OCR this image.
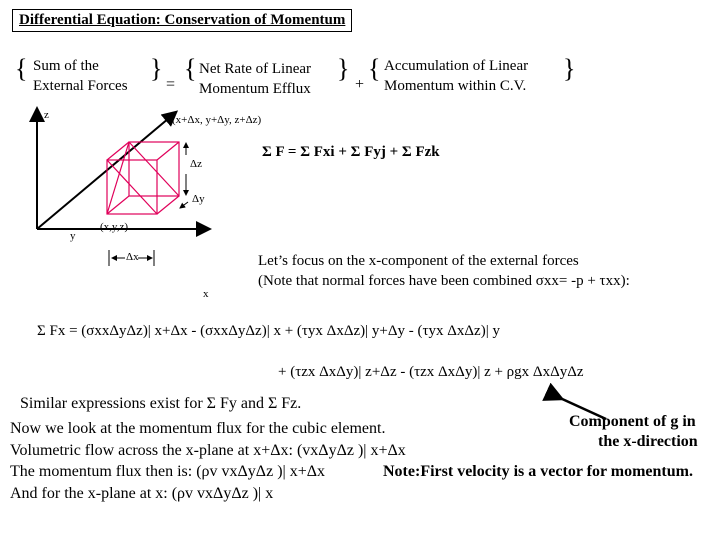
Differential Equation: Conservation of Momentum
{	} {	} {	}
Sum of the
External Forces =
Net Rate of Linear
Momentum Efflux	+
Accumulation of Linear
Momentum within C.V.
z
y
x
(x+Δx, y+Δy, z+Δz)
(x,y,z)
Δz
Δy
Δx
Σ F = Σ Fxi + Σ Fyj + Σ Fzk
Let’s focus on the x-component of the external forces
(Note that normal forces have been combined σxx= -p + τxx):
Σ Fx = (σxxΔyΔz)| x+Δx - (σxxΔyΔz)| x + (τyx ΔxΔz)| y+Δy - (τyx ΔxΔz)| y
+ (τzx ΔxΔy)| z+Δz - (τzx ΔxΔy)| z + ρgx ΔxΔyΔz
Similar expressions exist for Σ Fy and Σ Fz.
Now we look at the momentum flux for the cubic element.
Volumetric flow across the x-plane at x+Δx: (vxΔyΔz )| x+Δx
The momentum flux then is: (ρv vxΔyΔz )| x+Δx
And for the x-plane at x: (ρv vxΔyΔz )| x
Component of g in
the x-direction
Note:First velocity is a vector for momentum.
